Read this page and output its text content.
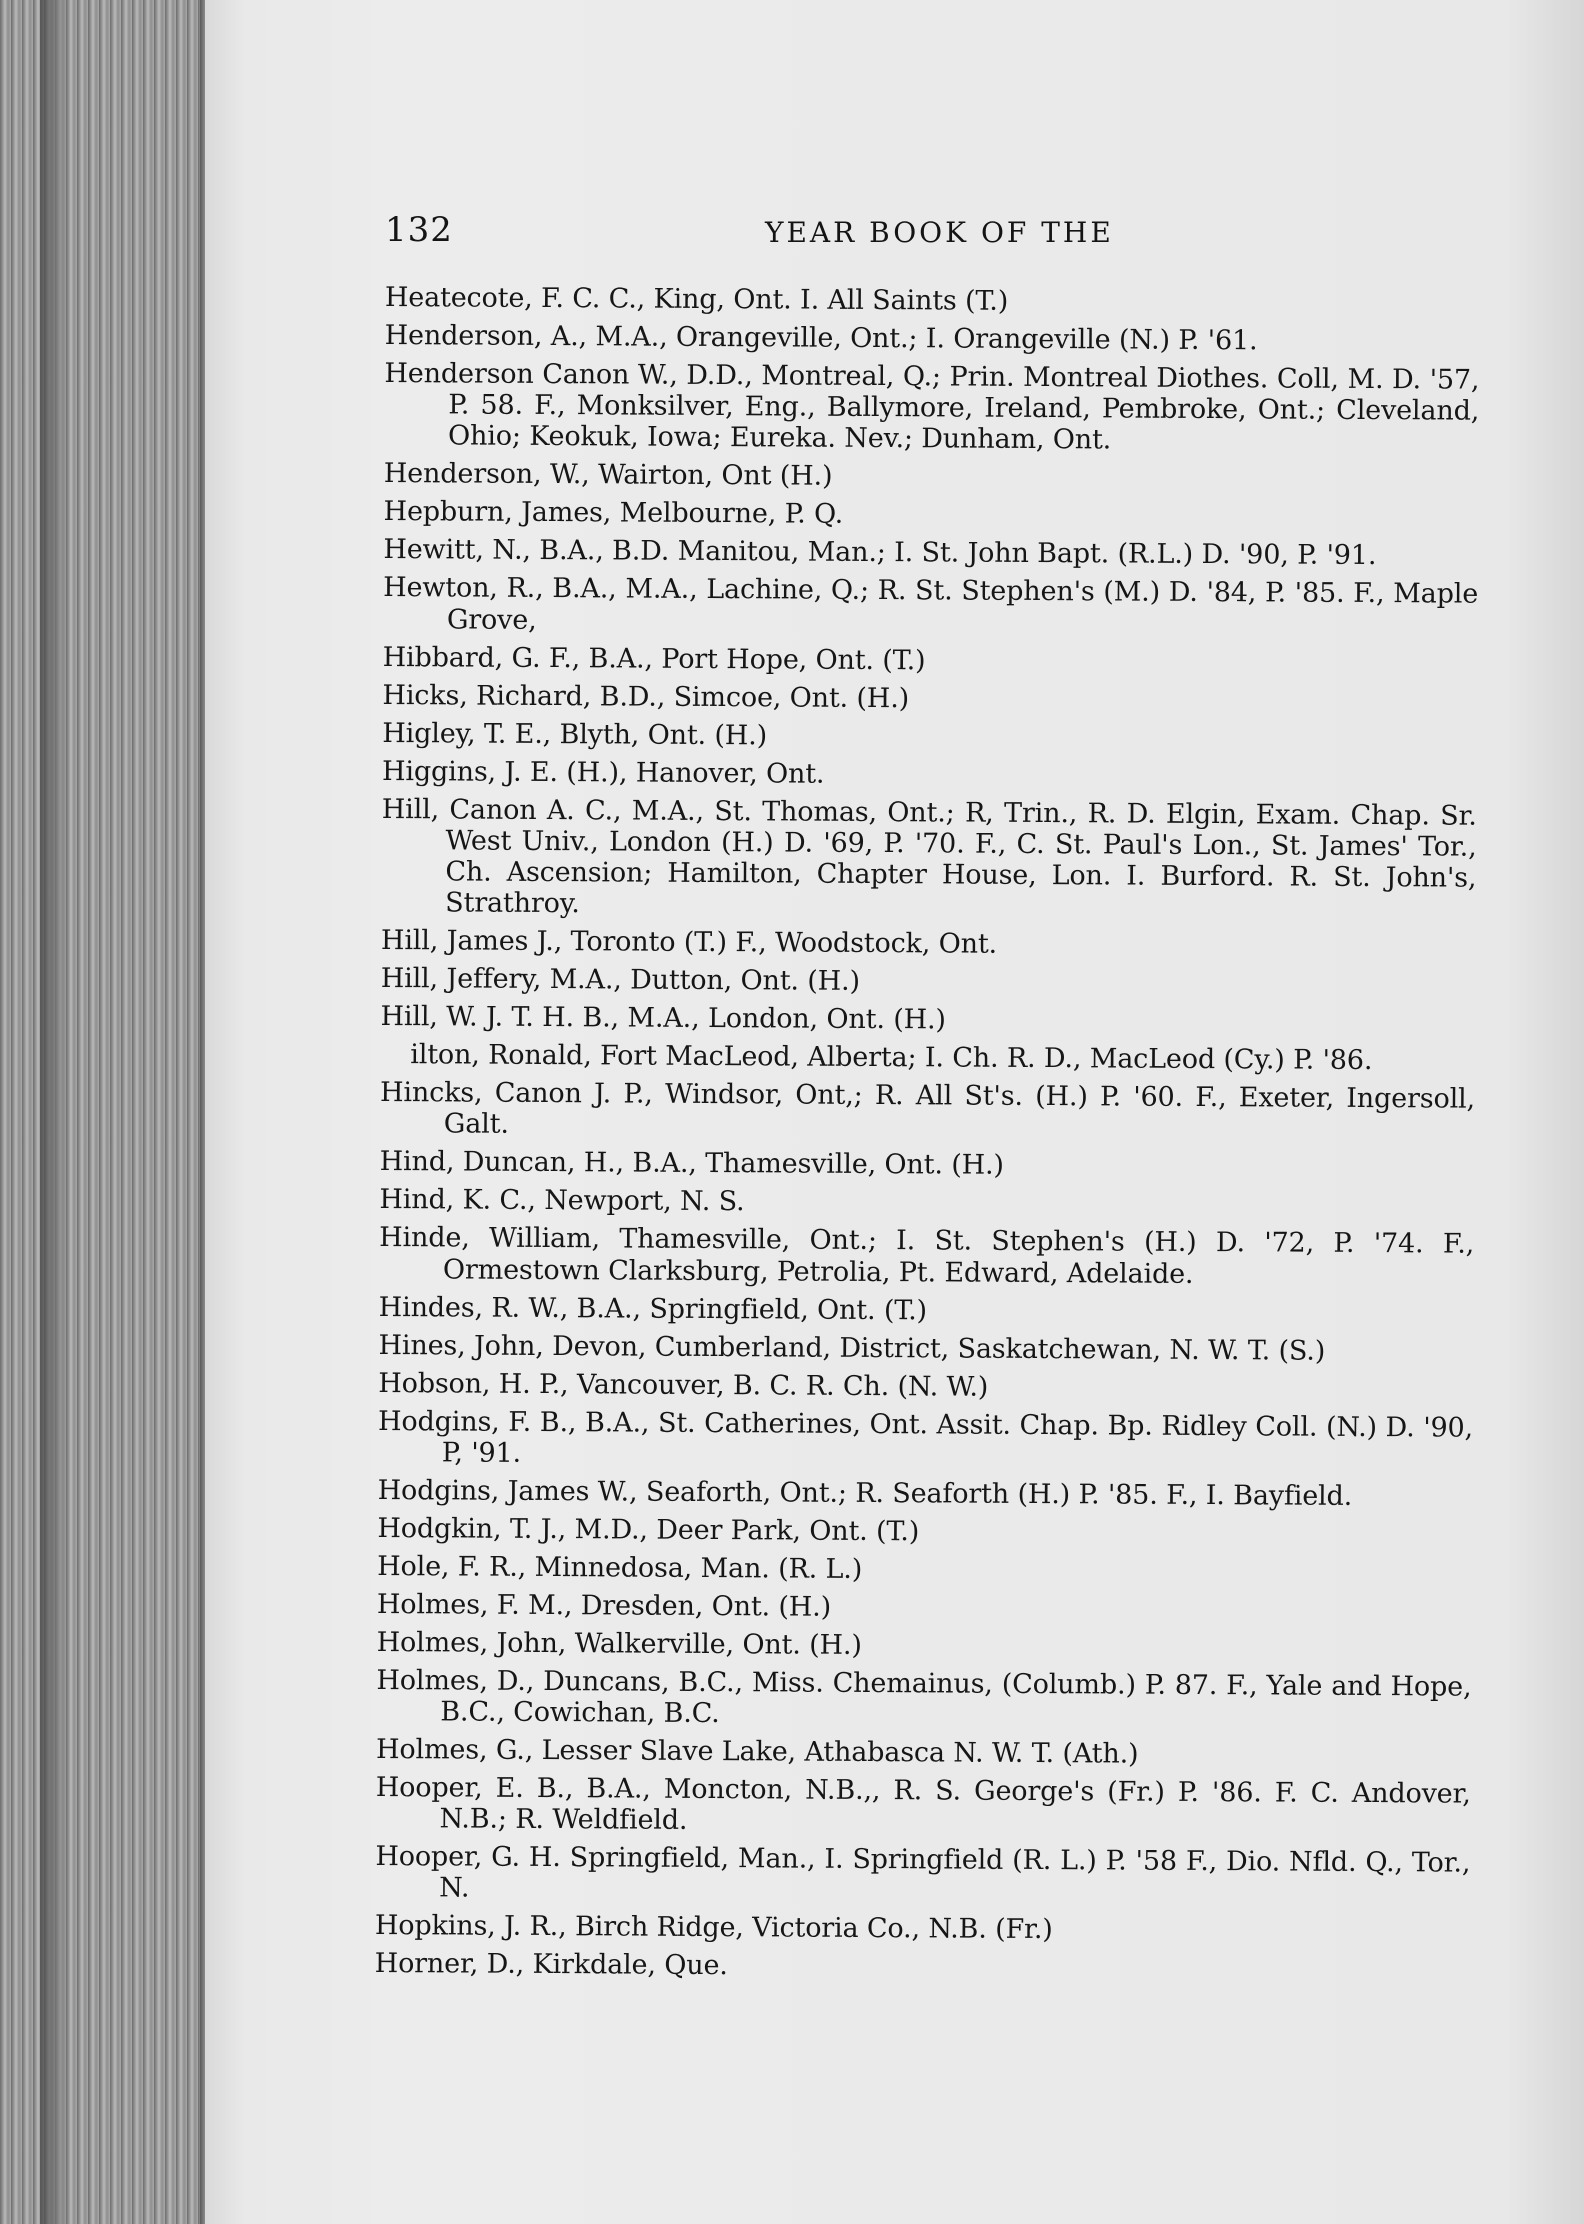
132	YEAR BOOK OF THE

Heatecote, F. C. C., King, Ont. I. All Saints (T.)

Henderson, A., M.A., Orangeville, Ont.; I. Orangeville (N.) P. '61.

Henderson Canon W., D.D., Montreal, Q.; Prin. Montreal Diothes. Coll, M. D. '57, P. 58. F., Monksilver, Eng., Ballymore, Ireland, Pembroke, Ont.; Cleveland, Ohio; Keokuk, Iowa; Eureka. Nev.; Dunham, Ont.

Henderson, W., Wairton, Ont (H.)

Hepburn, James, Melbourne, P. Q.

Hewitt, N., B.A., B.D. Manitou, Man.; I. St. John Bapt. (R.L.) D. '90, P. '91.

Hewton, R., B.A., M.A., Lachine, Q.; R. St. Stephen's (M.) D. '84, P. '85. F., Maple Grove,

Hibbard, G. F., B.A., Port Hope, Ont. (T.)

Hicks, Richard, B.D., Simcoe, Ont. (H.)

Higley, T. E., Blyth, Ont. (H.)

Higgins, J. E. (H.), Hanover, Ont.

Hill, Canon A. C., M.A., St. Thomas, Ont.; R, Trin., R. D. Elgin, Exam. Chap. Sr. West Univ., London (H.) D. '69, P. '70. F., C. St. Paul's Lon., St. James' Tor., Ch. Ascension; Hamilton, Chapter House, Lon. I. Burford. R. St. John's, Strathroy.

Hill, James J., Toronto (T.) F., Woodstock, Ont.

Hill, Jeffery, M.A., Dutton, Ont. (H.)

Hill, W. J. T. H. B., M.A., London, Ont. (H.)

ilton, Ronald, Fort MacLeod, Alberta; I. Ch. R. D., MacLeod (Cy.) P. '86.

Hincks, Canon J. P., Windsor, Ont,; R. All St's. (H.) P. '60. F., Exeter, Ingersoll, Galt.

Hind, Duncan, H., B.A., Thamesville, Ont. (H.)

Hind, K. C., Newport, N. S.

Hinde, William, Thamesville, Ont.; I. St. Stephen's (H.) D. '72, P. '74. F., Ormestown Clarksburg, Petrolia, Pt. Edward, Adelaide.

Hindes, R. W., B.A., Springfield, Ont. (T.)

Hines, John, Devon, Cumberland, District, Saskatchewan, N. W. T. (S.)

Hobson, H. P., Vancouver, B. C. R. Ch. (N. W.)

Hodgins, F. B., B.A., St. Catherines, Ont. Assit. Chap. Bp. Ridley Coll. (N.) D. '90, P, '91.

Hodgins, James W., Seaforth, Ont.; R. Seaforth (H.) P. '85. F., I. Bayfield.

Hodgkin, T. J., M.D., Deer Park, Ont. (T.)

Hole, F. R., Minnedosa, Man. (R. L.)

Holmes, F. M., Dresden, Ont. (H.)

Holmes, John, Walkerville, Ont. (H.)

Holmes, D., Duncans, B.C., Miss. Chemainus, (Columb.) P. 87. F., Yale and Hope, B.C., Cowichan, B.C.

Holmes, G., Lesser Slave Lake, Athabasca N. W. T. (Ath.)

Hooper, E. B., B.A., Moncton, N.B.,, R. S. George's (Fr.) P. '86. F. C. Andover, N.B.; R. Weldfield.

Hooper, G. H. Springfield, Man., I. Springfield (R. L.) P. '58 F., Dio. Nfld. Q., Tor., N.

Hopkins, J. R., Birch Ridge, Victoria Co., N.B. (Fr.)

Horner, D., Kirkdale, Que.
